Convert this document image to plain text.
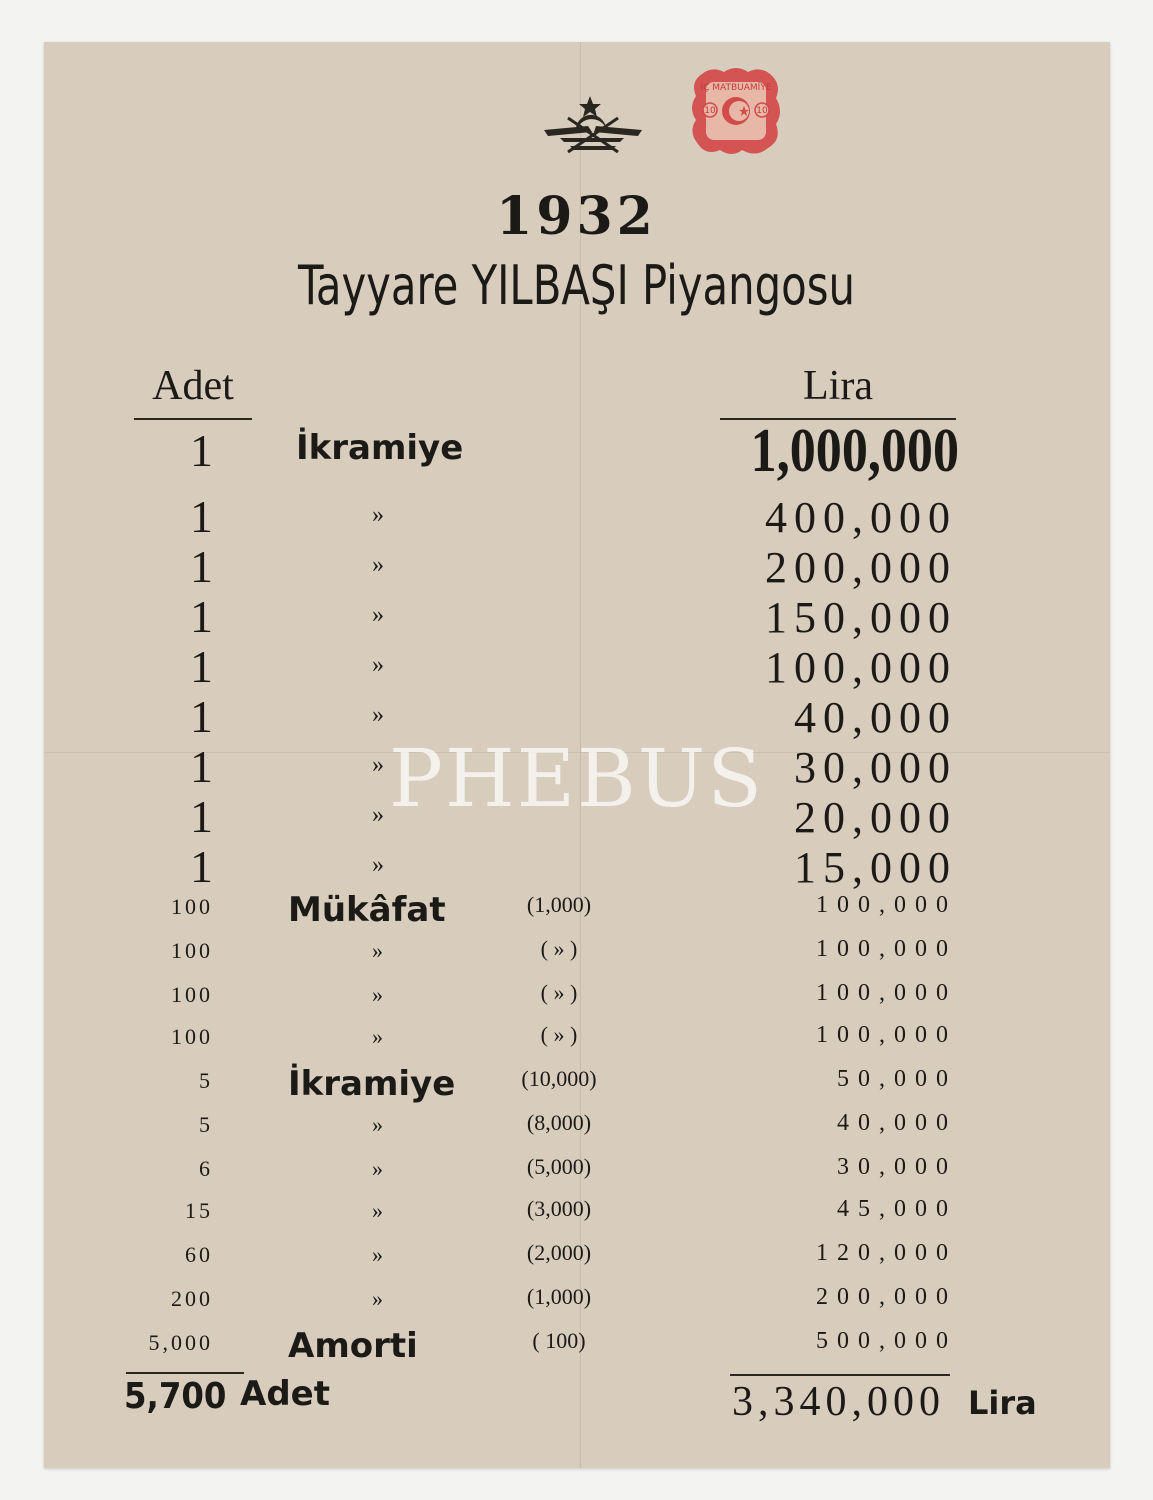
İÇ MATBUAMİYE
10	10
1932
Tayyare YILBAŞI Piyangosu
Adet	Lira
1 İkramiye	1,000,000
1	»	400,000
1	»	200,000
1	»	150,000
1	»	100,000
1	»	40,000
1	»	30,000
1	»	20,000
1	»	15,000
100 Mükâfat	(1,000)	100,000
100	»	( » )	100,000
100	»	( » )	100,000
100	»	( » )	100,000
5 İkramiye	(10,000)	50,000
5	»	(8,000)	40,000
6	»	(5,000)	30,000
15	»	(3,000)	45,000
60	»	(2,000)	120,000
200	»	(1,000)	200,000
5,000 Amorti	( 100)	500,000
5,700 Adet	3,340,000 Lira
PHEBUS
